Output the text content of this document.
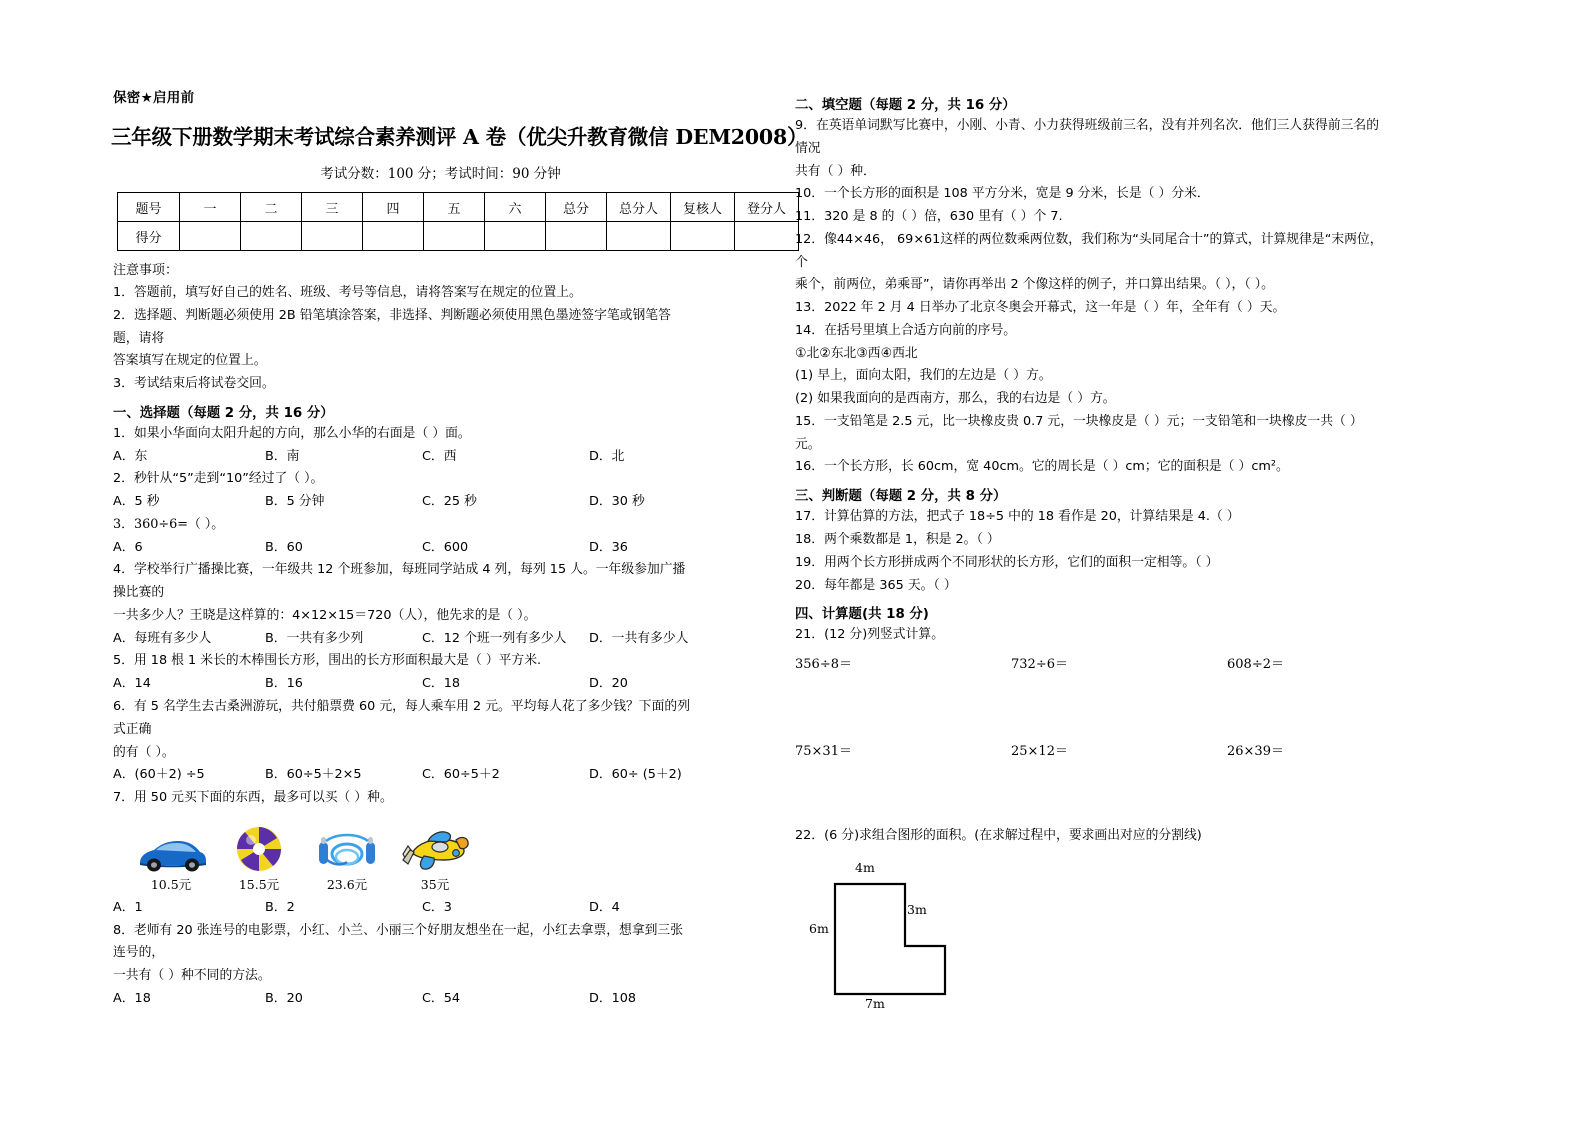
保密★启用前
三年级下册数学期末考试综合素养测评 A 卷（优尖升教育微信 DEM2008）
考试分数：100 分；考试时间：90 分钟
题号	一	二	三	四	五	六	总分	总分人	复核人	登分人
得分										
注意事项：

1．答题前，填写好自己的姓名、班级、考号等信息，请将答案写在规定的位置上。

2．选择题、判断题必须使用 2B 铅笔填涂答案，非选择、判断题必须使用黑色墨迹签字笔或钢笔答题，请将

答案填写在规定的位置上。

3．考试结束后将试卷交回。

一、选择题（每题 2 分，共 16 分）

1．如果小华面向太阳升起的方向，那么小华的右面是（ ）面。

A．东	B．南	C．西	D．北

2．秒针从“5”走到“10”经过了（ ）。

A．5 秒	B．5 分钟	C．25 秒	D．30 秒

3．360÷6=（ ）。

A．6	B．60	C．600	D．36

4．学校举行广播操比赛，一年级共 12 个班参加，每班同学站成 4 列，每列 15 人。一年级参加广播操比赛的

一共多少人？王晓是这样算的：4×12×15＝720（人），他先求的是（ ）。

A．每班有多少人	B．一共有多少列	C．12 个班一列有多少人	D．一共有多少人

5．用 18 根 1 米长的木棒围长方形，围出的长方形面积最大是（ ）平方米.

A．14	B．16	C．18	D．20

6．有 5 名学生去古桑洲游玩，共付船票费 60 元，每人乘车用 2 元。平均每人花了多少钱？下面的列式正确

的有（ ）。

A．(60＋2) ÷5	B．60÷5＋2×5	C．60÷5＋2	D．60÷ (5＋2)

7．用 50 元买下面的东西，最多可以买（ ）种。

10.5元	15.5元	23.6元	35元
A．1	B．2	C．3	D．4

8．老师有 20 张连号的电影票，小红、小兰、小丽三个好朋友想坐在一起，小红去拿票，想拿到三张连号的，

一共有（ ）种不同的方法。

A．18	B．20	C．54	D．108
二、填空题（每题 2 分，共 16 分）

9．在英语单词默写比赛中，小刚、小青、小力获得班级前三名，没有并列名次．他们三人获得前三名的情况

共有（ ）种．

10．一个长方形的面积是 108 平方分米，宽是 9 分米，长是（ ）分米．

11．320 是 8 的（ ）倍，630 里有（ ）个 7.

12．像44×46， 69×61这样的两位数乘两位数，我们称为“头同尾合十”的算式，计算规律是“末两位，个

乘个，前两位，弟乘哥”，请你再举出 2 个像这样的例子，并口算出结果。（ ），（ ）。

13．2022 年 2 月 4 日举办了北京冬奥会开幕式，这一年是（ ）年，全年有（ ）天。

14．在括号里填上合适方向前的序号。

①北②东北③西④西北

(1) 早上，面向太阳，我们的左边是（ ）方。

(2) 如果我面向的是西南方，那么，我的右边是（ ）方。

15．一支铅笔是 2.5 元，比一块橡皮贵 0.7 元，一块橡皮是（ ）元；一支铅笔和一块橡皮一共（ ）

元。

16．一个长方形，长 60cm，宽 40cm。它的周长是（ ）cm；它的面积是（ ）cm²。

三、判断题（每题 2 分，共 8 分）

17．计算估算的方法，把式子 18÷5 中的 18 看作是 20，计算结果是 4.（ ）

18．两个乘数都是 1，积是 2。（ ）

19．用两个长方形拼成两个不同形状的长方形，它们的面积一定相等。（ ）

20．每年都是 365 天。（ ）

四、计算题(共 18 分)

21．(12 分)列竖式计算。

356÷8＝	732÷6＝	608÷2＝
75×31＝	25×12＝	26×39＝

22．(6 分)求组合图形的面积。(在求解过程中，要求画出对应的分割线)

4m
3m
6m
7m
